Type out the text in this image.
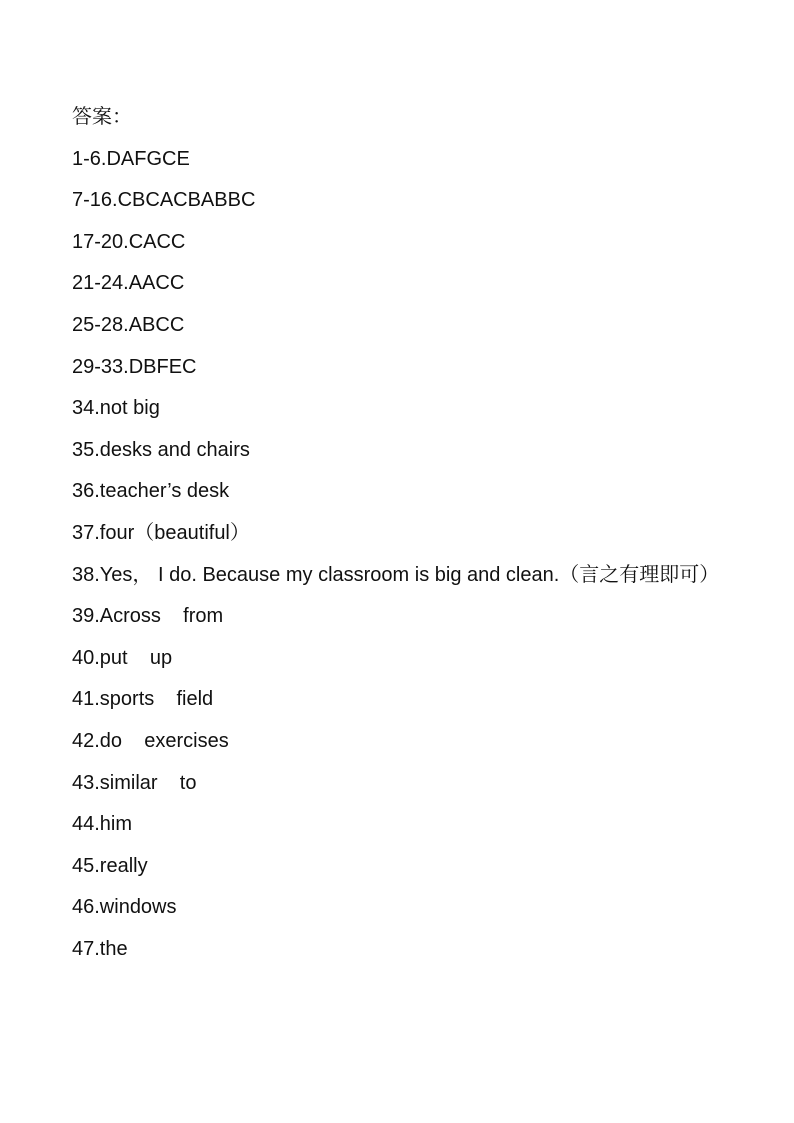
答案：

1-6.DAFGCE

7-16.CBCACBABBC

17-20.CACC

21-24.AACC

25-28.ABCC

29-33.DBFEC

34.not big

35.desks and chairs

36.teacher’s desk

37.four（beautiful）

38.Yes， I do. Because my classroom is big and clean.（言之有理即可）

39.Across    from

40.put    up

41.sports    field

42.do    exercises

43.similar    to

44.him

45.really

46.windows

47.the
